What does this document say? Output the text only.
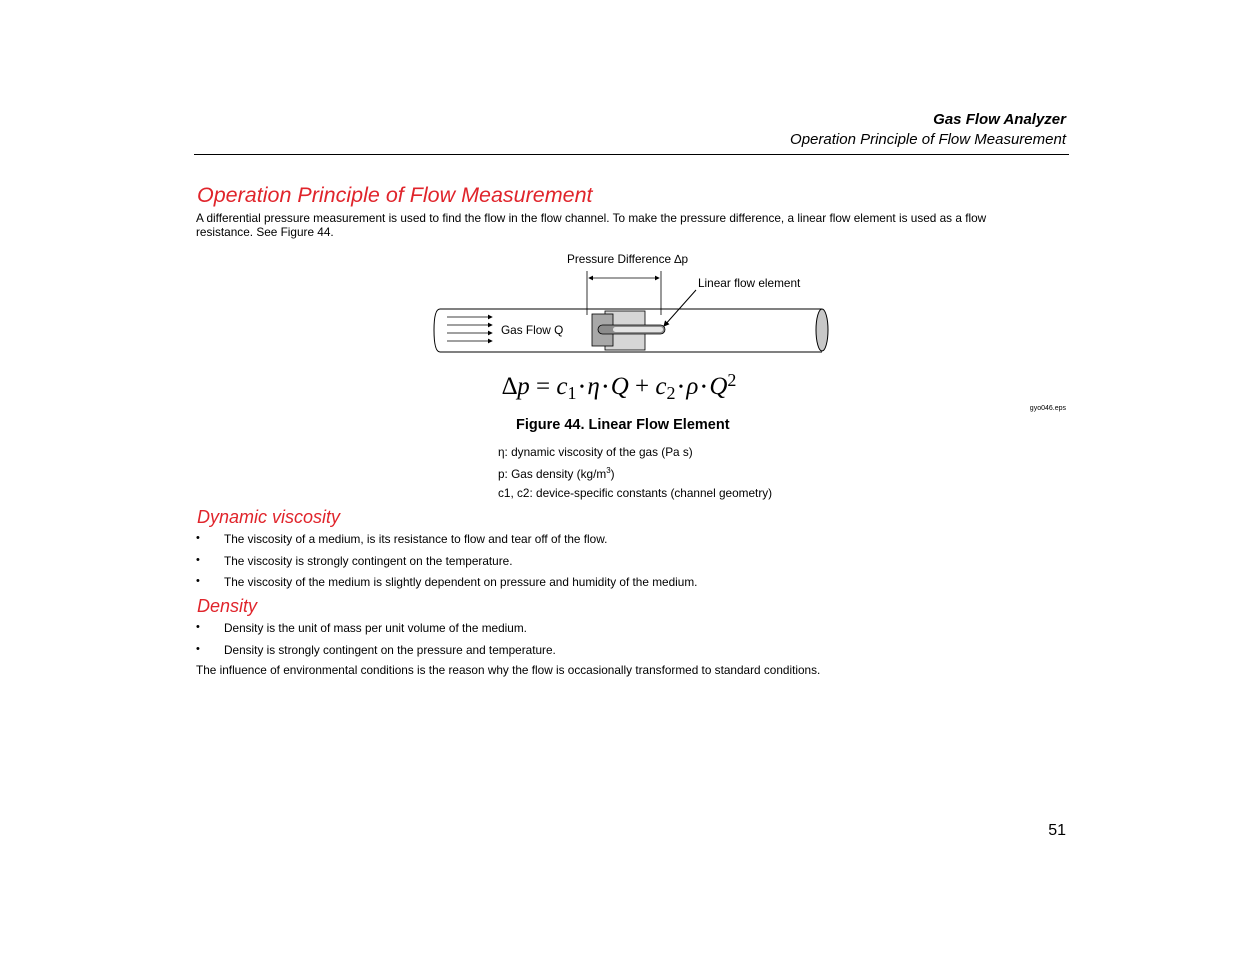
Gas Flow Analyzer
Operation Principle of Flow Measurement
Operation Principle of Flow Measurement
A differential pressure measurement is used to find the flow in the flow channel. To make the pressure difference, a linear flow element is used as a flow resistance. See Figure 44.
Pressure Difference ∆p
Linear flow element
Gas Flow Q
$\Delta p = c_1$ • η • $Q + c_2$ • ρ • $Q^2$
gyo046.eps
Figure 44. Linear Flow Element
η: dynamic viscosity of the gas (Pa s)
p: Gas density $(kg/m^3)$
c1, c2: device-specific constants (channel geometry)
Dynamic viscosity
• The viscosity of a medium, is its resistance to flow and tear off of the flow.
• The viscosity is strongly contingent on the temperature.
• The viscosity of the medium is slightly dependent on pressure and humidity of the medium.
Density
• Density is the unit of mass per unit volume of the medium.
• Density is strongly contingent on the pressure and temperature.
The influence of environmental conditions is the reason why the flow is occasionally transformed to standard conditions.
51
